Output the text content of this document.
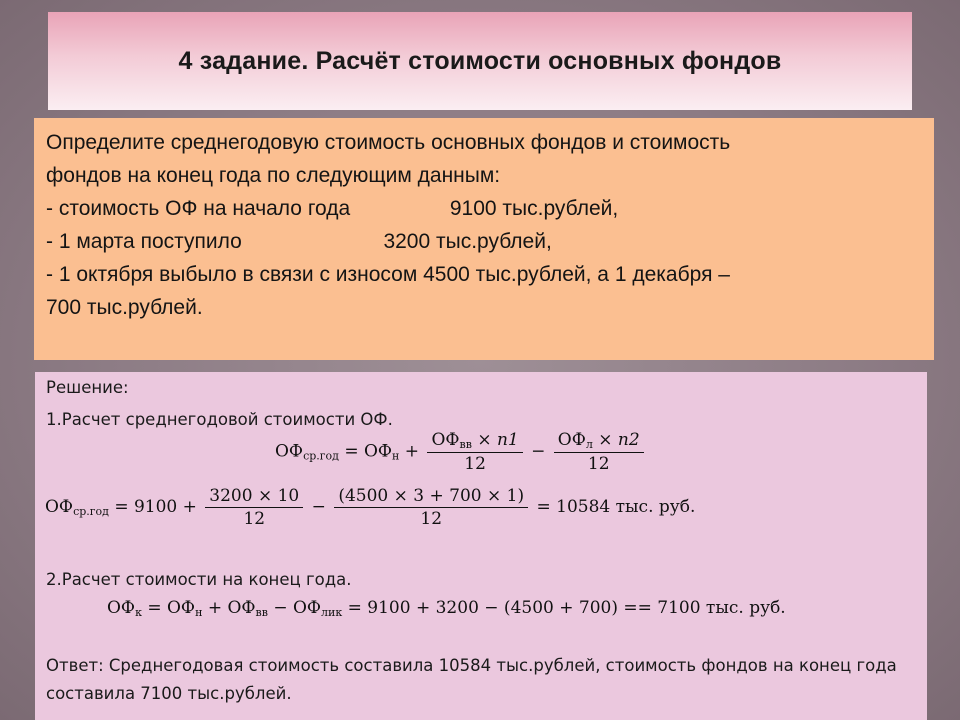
4 задание. Расчёт стоимости основных фондов

Определите среднегодовую стоимость основных фондов и стоимость

фондов на конец года по следующим данным:

- стоимость ОФ на начало года	9100 тыс.рублей,

- 1 марта поступило	3200 тыс.рублей,

- 1 октября выбыло в связи с износом 4500 тыс.рублей, а 1 декабря –

700 тыс.рублей.

Решение:
1.Расчет среднегодовой стоимости ОФ.
$ОФ_{ср.год} = ОФ_н + \frac{ОФ_{вв} \times n1}{12} - \frac{ОФ_л \times n2}{12}$
$ОФ_{ср.год} = 9100 + \frac{3200 \times 10}{12} - \frac{(4500 \times 3 + 700 \times 1)}{12} = 10584$ тыс. руб.
2.Расчет стоимости на конец года.
$ОФ_к = ОФ_н + ОФ_{вв} - ОФ_{лик} = 9100 + 3200 - (4500 + 700) == 7100$ тыс. руб.
Ответ: Среднегодовая стоимость составила 10584 тыс.рублей, стоимость фондов на конец года
составила 7100 тыс.рублей.
